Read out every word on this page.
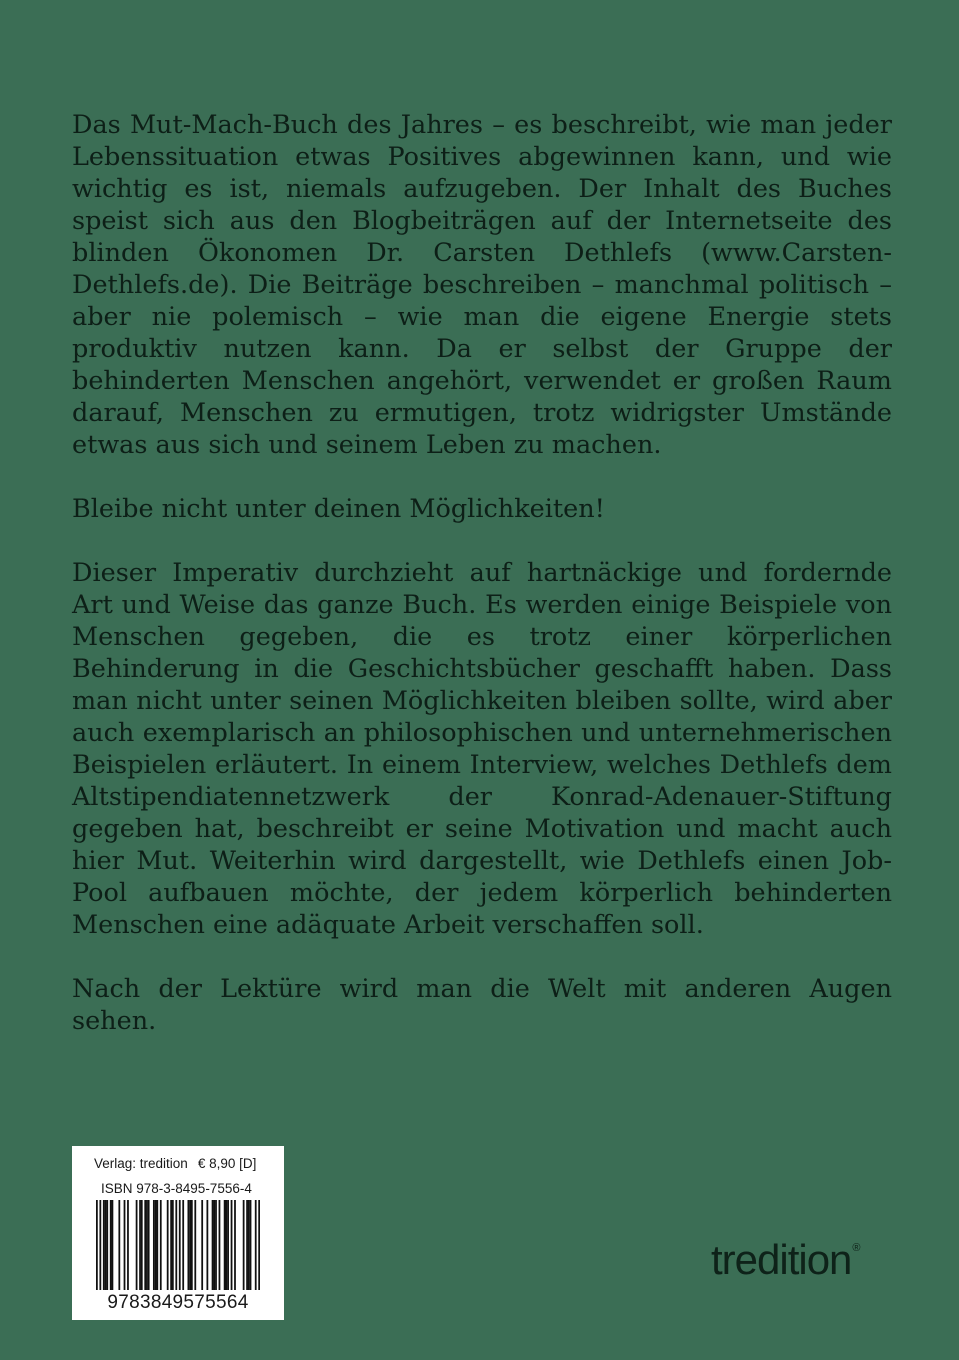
Das Mut-Mach-Buch des Jahres – es beschreibt, wie man jeder Lebenssituation etwas Positives abgewinnen kann, und wie wichtig es ist, niemals aufzugeben. Der Inhalt des Buches speist sich aus den Blogbeiträgen auf der Internetseite des blinden Ökonomen Dr. Carsten Dethlefs (www.Carsten-Dethlefs.de). Die Beiträge beschreiben – manchmal politisch – aber nie polemisch – wie man die eigene Energie stets produktiv nutzen kann. Da er selbst der Gruppe der behinderten Menschen angehört, verwendet er großen Raum darauf, Menschen zu ermutigen, trotz widrigster Umstände etwas aus sich und seinem Leben zu machen.

Bleibe nicht unter deinen Möglichkeiten!

Dieser Imperativ durchzieht auf hartnäckige und fordernde Art und Weise das ganze Buch. Es werden einige Beispiele von Menschen gegeben, die es trotz einer körperlichen Behinderung in die Geschichtsbücher geschafft haben. Dass man nicht unter seinen Möglichkeiten bleiben sollte, wird aber auch exemplarisch an philosophischen und unternehmerischen Beispielen erläutert. In einem Interview, welches Dethlefs dem Altstipendiatennetzwerk der Konrad-Adenauer-Stiftung gegeben hat, beschreibt er seine Motivation und macht auch hier Mut. Weiterhin wird dargestellt, wie Dethlefs einen Job-Pool aufbauen möchte, der jedem körperlich behinderten Menschen eine adäquate Arbeit verschaffen soll.

Nach der Lektüre wird man die Welt mit anderen Augen sehen.

Verlag: tredition € 8,90 [D]
ISBN 978-3-8495-7556-4
9783849575564
tredition®
